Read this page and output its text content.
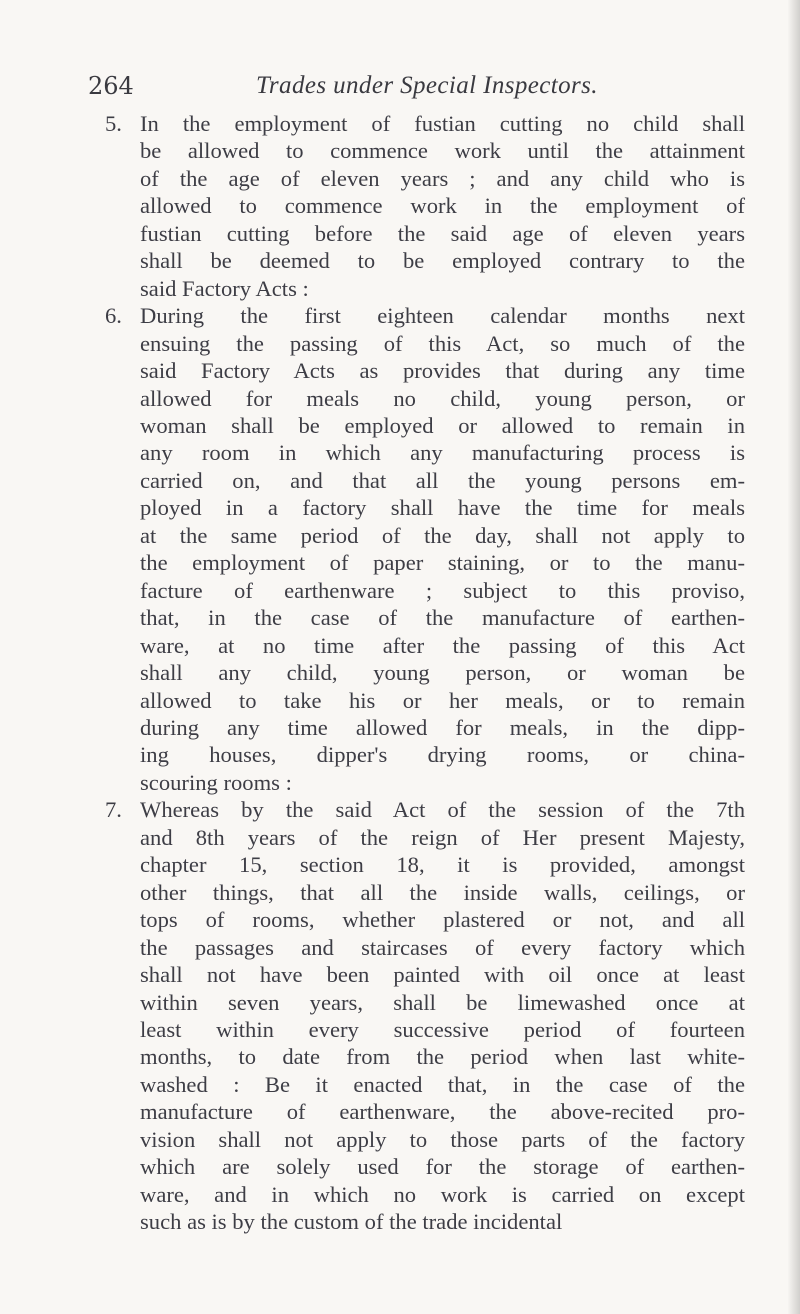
264	Trades under Special Inspectors.
5. In the employment of fustian cutting no child shall
be allowed to commence work until the attainment
of the age of eleven years ; and any child who is
allowed to commence work in the employment of
fustian cutting before the said age of eleven years
shall be deemed to be employed contrary to the
said Factory Acts :
6. During the first eighteen calendar months next
ensuing the passing of this Act, so much of the
said Factory Acts as provides that during any time
allowed for meals no child, young person, or
woman shall be employed or allowed to remain in
any room in which any manufacturing process is
carried on, and that all the young persons em-
ployed in a factory shall have the time for meals
at the same period of the day, shall not apply to
the employment of paper staining, or to the manu-
facture of earthenware ; subject to this proviso,
that, in the case of the manufacture of earthen-
ware, at no time after the passing of this Act
shall any child, young person, or woman be
allowed to take his or her meals, or to remain
during any time allowed for meals, in the dipp-
ing houses, dipper's drying rooms, or china-
scouring rooms :
7. Whereas by the said Act of the session of the 7th
and 8th years of the reign of Her present Majesty,
chapter 15, section 18, it is provided, amongst
other things, that all the inside walls, ceilings, or
tops of rooms, whether plastered or not, and all
the passages and staircases of every factory which
shall not have been painted with oil once at least
within seven years, shall be limewashed once at
least within every successive period of fourteen
months, to date from the period when last white-
washed : Be it enacted that, in the case of the
manufacture of earthenware, the above-recited pro-
vision shall not apply to those parts of the factory
which are solely used for the storage of earthen-
ware, and in which no work is carried on except
such as is by the custom of the trade incidental
